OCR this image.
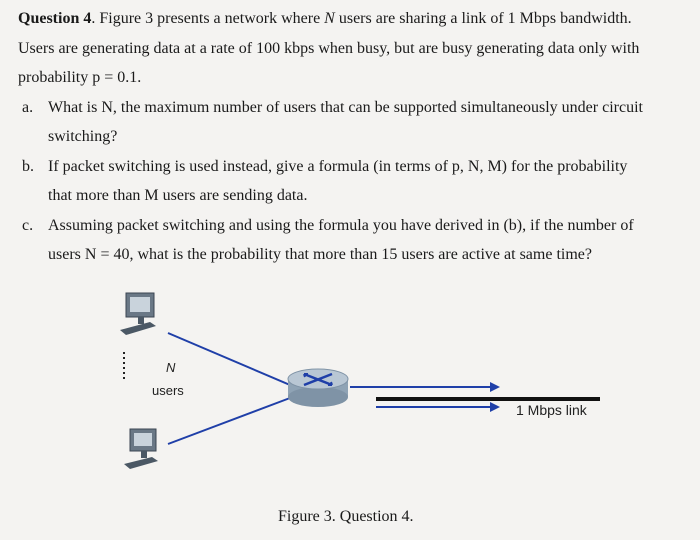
Question 4. Figure 3 presents a network where N users are sharing a link of 1 Mbps bandwidth.
Users are generating data at a rate of 100 kbps when busy, but are busy generating data only with
probability p = 0.1.
a. What is N, the maximum number of users that can be supported simultaneously under circuit
switching?
b. If packet switching is used instead, give a formula (in terms of p, N, M) for the probability
that more than M users are sending data.
c. Assuming packet switching and using the formula you have derived in (b), if the number of
users N = 40, what is the probability that more than 15 users are active at same time?
N
users
1 Mbps link
Figure 3. Question 4.
